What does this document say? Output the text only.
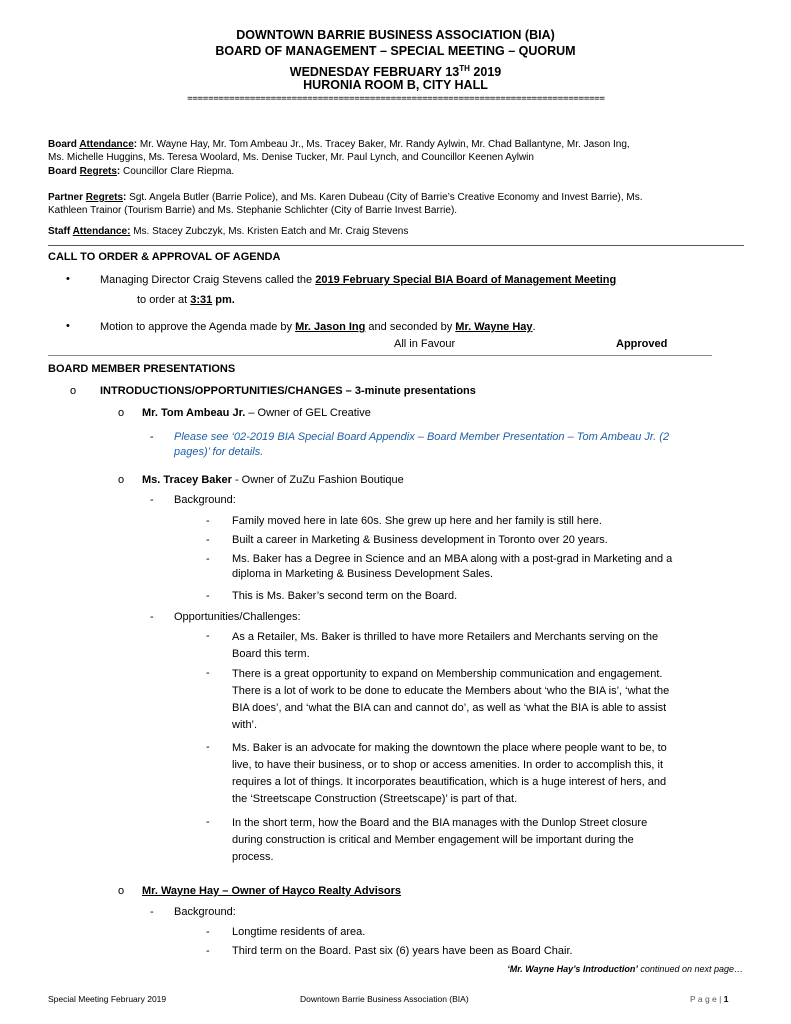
DOWNTOWN BARRIE BUSINESS ASSOCIATION (BIA)
BOARD OF MANAGEMENT – SPECIAL MEETING – QUORUM
WEDNESDAY FEBRUARY 13TH 2019
HURONIA ROOM B, CITY HALL
================================================================================
Board Attendance: Mr. Wayne Hay, Mr. Tom Ambeau Jr., Ms. Tracey Baker, Mr. Randy Aylwin, Mr. Chad Ballantyne, Mr. Jason Ing,
Ms. Michelle Huggins, Ms. Teresa Woolard, Ms. Denise Tucker, Mr. Paul Lynch, and Councillor Keenen Aylwin
Board Regrets: Councillor Clare Riepma.
Partner Regrets: Sgt. Angela Butler (Barrie Police), and Ms. Karen Dubeau (City of Barrie’s Creative Economy and Invest Barrie), Ms.
Kathleen Trainor (Tourism Barrie) and Ms. Stephanie Schlichter (City of Barrie Invest Barrie).
Staff Attendance: Ms. Stacey Zubczyk, Ms. Kristen Eatch and Mr. Craig Stevens
CALL TO ORDER & APPROVAL OF AGENDA
•	Managing Director Craig Stevens called the 2019 February Special BIA Board of Management Meeting
to order at 3:31 pm.
•	Motion to approve the Agenda made by Mr. Jason Ing and seconded by Mr. Wayne Hay.
All in Favour	Approved
BOARD MEMBER PRESENTATIONS
o INTRODUCTIONS/OPPORTUNITIES/CHANGES – 3-minute presentations
o Mr. Tom Ambeau Jr. – Owner of GEL Creative
- Please see ‘02-2019 BIA Special Board Appendix – Board Member Presentation – Tom Ambeau Jr. (2
pages)’ for details.
o Ms. Tracey Baker - Owner of ZuZu Fashion Boutique
- Background:
- Family moved here in late 60s. She grew up here and her family is still here.
- Built a career in Marketing & Business development in Toronto over 20 years.
- Ms. Baker has a Degree in Science and an MBA along with a post-grad in Marketing and a
diploma in Marketing & Business Development Sales.
- This is Ms. Baker’s second term on the Board.
- Opportunities/Challenges:
- As a Retailer, Ms. Baker is thrilled to have more Retailers and Merchants serving on the
Board this term.
- There is a great opportunity to expand on Membership communication and engagement.
There is a lot of work to be done to educate the Members about ‘who the BIA is’, ‘what the
BIA does’, and ‘what the BIA can and cannot do’, as well as ‘what the BIA is able to assist
with’.
- Ms. Baker is an advocate for making the downtown the place where people want to be, to
live, to have their business, or to shop or access amenities. In order to accomplish this, it
requires a lot of things. It incorporates beautification, which is a huge interest of hers, and
the ‘Streetscape Construction (Streetscape)’ is part of that.
- In the short term, how the Board and the BIA manages with the Dunlop Street closure
during construction is critical and Member engagement will be important during the
process.
o Mr. Wayne Hay – Owner of Hayco Realty Advisors
- Background:
- Longtime residents of area.
- Third term on the Board. Past six (6) years have been as Board Chair.
‘Mr. Wayne Hay’s Introduction’ continued on next page…
Special Meeting February 2019	Downtown Barrie Business Association (BIA)	P a g e | 1
